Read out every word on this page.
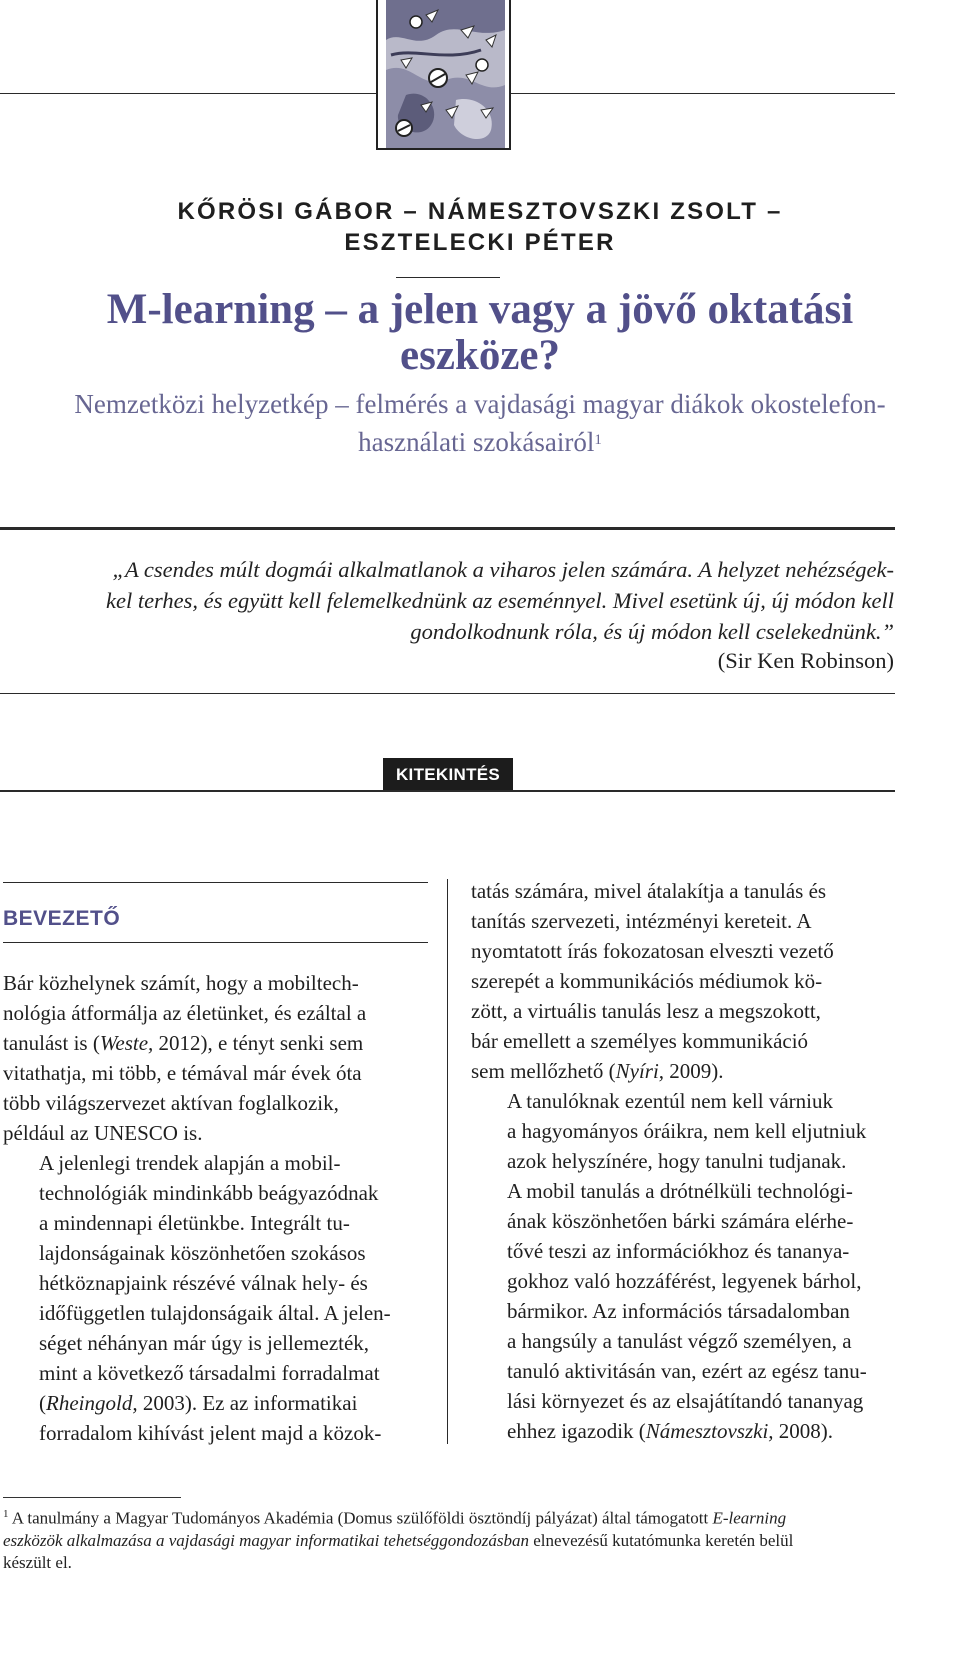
KŐRÖSI GÁBOR – NÁMESZTOVSZKI ZSOLT –
ESZTELECKI PÉTER
M-learning – a jelen vagy a jövő oktatási
eszköze?
Nemzetközi helyzetkép – felmérés a vajdasági magyar diákok okostelefon-
használati szokásairól$^1$
„A csendes múlt dogmái alkalmatlanok a viharos jelen számára. A helyzet nehézségek-
kel terhes, és együtt kell felemelkednünk az eseménnyel. Mivel esetünk új, új módon kell
gondolkodnunk róla, és új módon kell cselekednünk.”
(Sir Ken Robinson)
KITEKINTÉS
BEVEZETŐ

Bár közhelynek számít, hogy a mobiltech-
nológia átformálja az életünket, és ezáltal a
tanulást is (Weste, 2012), e tényt senki sem
vitathatja, mi több, e témával már évek óta
több világszervezet aktívan foglalkozik,
például az UNESCO is.

A jelenlegi trendek alapján a mobil-
technológiák mindinkább beágyazódnak
a mindennapi életünkbe. Integrált tu-
lajdonságainak köszönhetően szokásos
hétköznapjaink részévé válnak hely- és
időfüggetlen tulajdonságaik által. A jelen-
séget néhányan már úgy is jellemezték,
mint a következő társadalmi forradalmat
(Rheingold, 2003). Ez az informatikai
forradalom kihívást jelent majd a közok-

tatás számára, mivel átalakítja a tanulás és
tanítás szervezeti, intézményi kereteit. A
nyomtatott írás fokozatosan elveszti vezető
szerepét a kommunikációs médiumok kö-
zött, a virtuális tanulás lesz a megszokott,
bár emellett a személyes kommunikáció
sem mellőzhető (Nyíri, 2009).

A tanulóknak ezentúl nem kell várniuk
a hagyományos óráikra, nem kell eljutniuk
azok helyszínére, hogy tanulni tudjanak.
A mobil tanulás a drótnélküli technológi-
ának köszönhetően bárki számára elérhe-
tővé teszi az információkhoz és tananya-
gokhoz való hozzáférést, legyenek bárhol,
bármikor. Az információs társadalomban
a hangsúly a tanulást végző személyen, a
tanuló aktivitásán van, ezért az egész tanu-
lási környezet és az elsajátítandó tananyag
ehhez igazodik (Námesztovszki, 2008).

$^1$ A tanulmány a Magyar Tudományos Akadémia (Domus szülőföldi ösztöndíj pályázat) által támogatott E-learning
eszközök alkalmazása a vajdasági magyar informatikai tehetséggondozásban elnevezésű kutatómunka keretén belül
készült el.
